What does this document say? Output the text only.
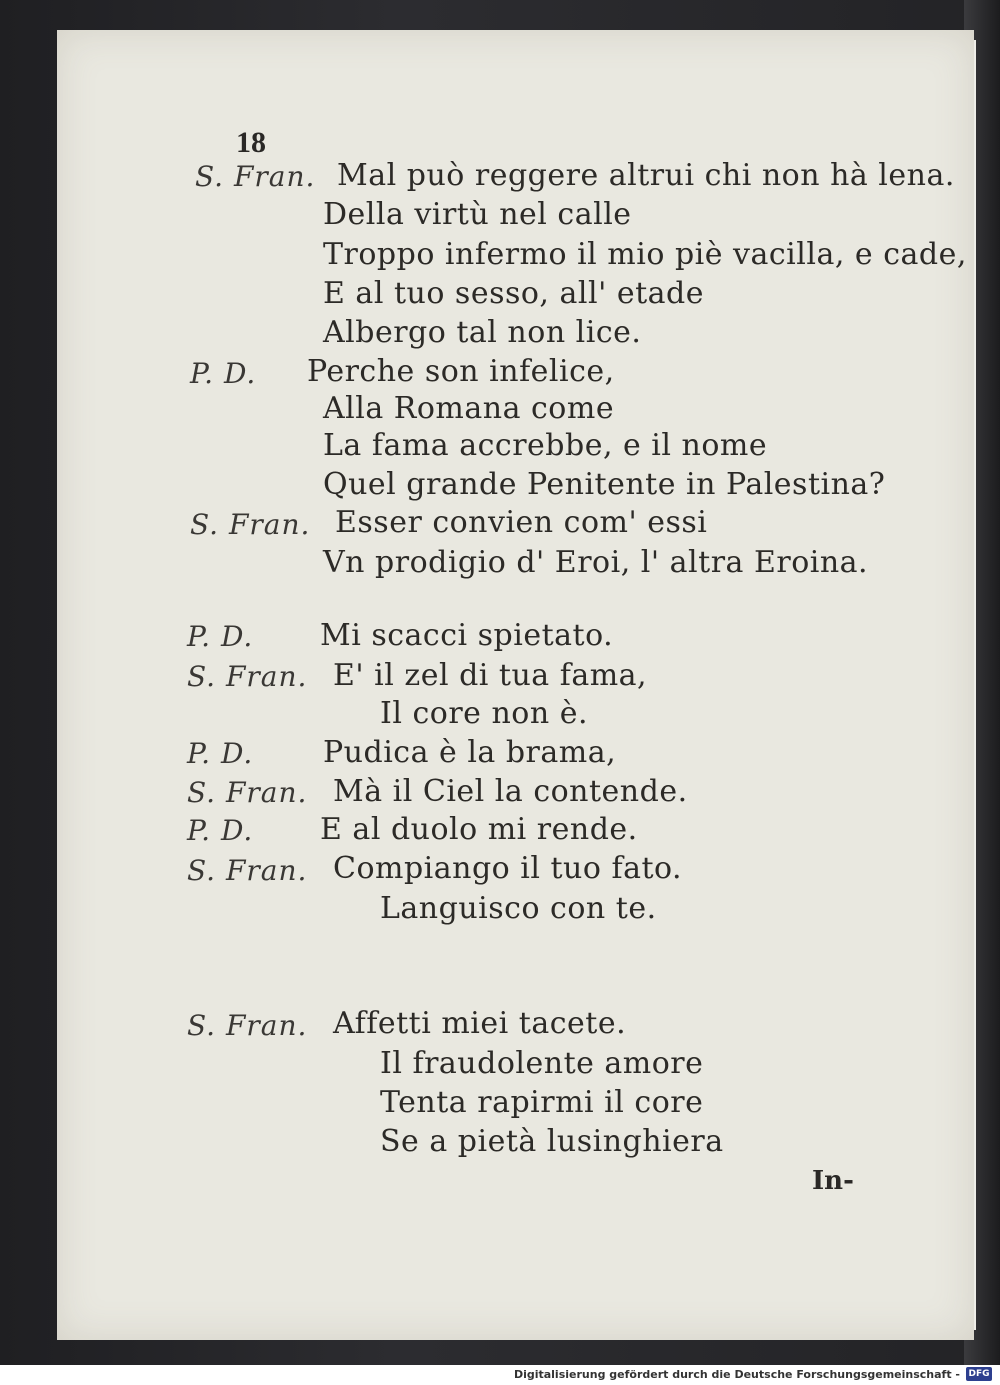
18
S. Fran. Mal può reggere altrui chi non hà lena.
Della virtù nel calle
Troppo infermo il mio piè vacilla, e cade,
E al tuo sesso, all' etade
Albergo tal non lice.
P. D. Perche son infelice,
Alla Romana come
La fama accrebbe, e il nome
Quel grande Penitente in Palestina?
S. Fran. Esser convien com' essi
Vn prodigio d' Eroi, l' altra Eroina.
P. D. Mi scacci spietato.
S. Fran. E' il zel di tua fama,
Il core non è.
P. D. Pudica è la brama,
S. Fran. Mà il Ciel la contende.
P. D. E al duolo mi rende.
S. Fran. Compiango il tuo fato.
Languisco con te.
S. Fran. Affetti miei tacete.
Il fraudolente amore
Tenta rapirmi il core
Se a pietà lusinghiera
In-
Digitalisierung gefördert durch die Deutsche Forschungsgemeinschaft - DFG
